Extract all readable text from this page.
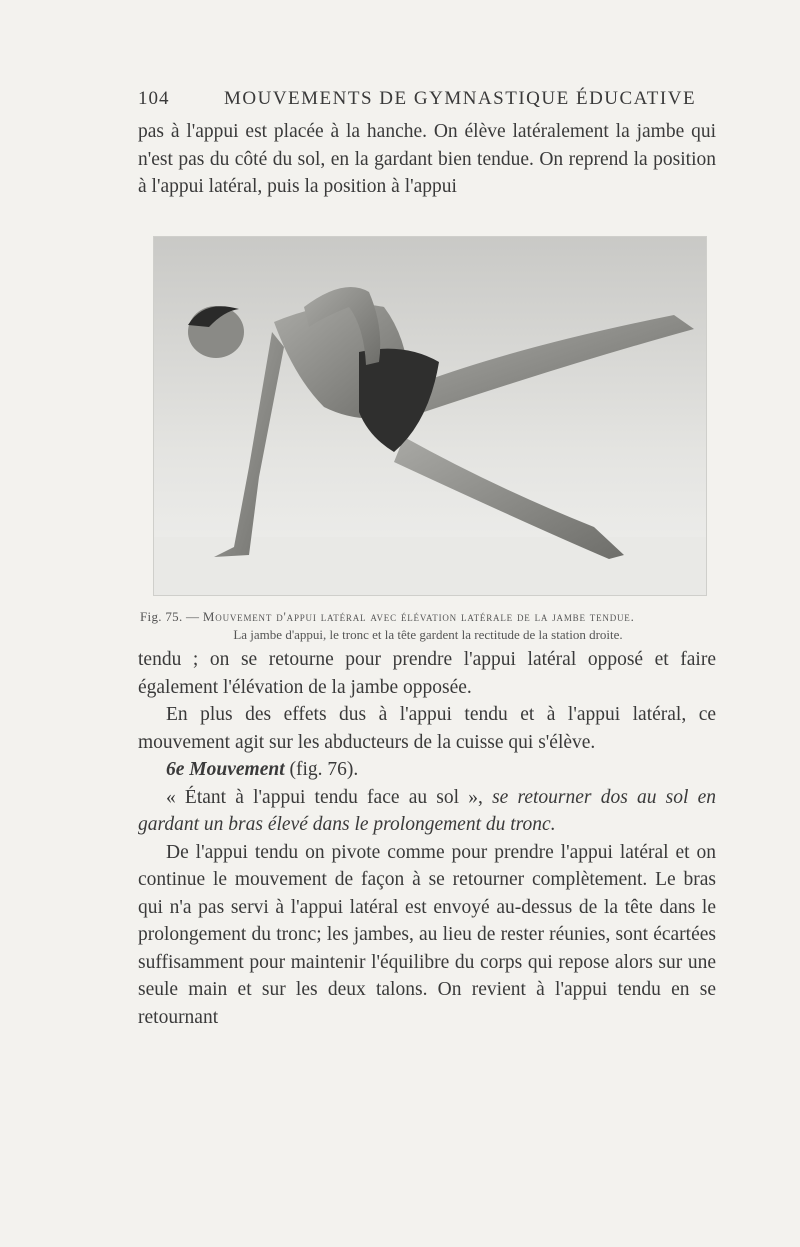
104	MOUVEMENTS DE GYMNASTIQUE ÉDUCATIVE

pas à l'appui est placée à la hanche. On élève latéralement la jambe qui n'est pas du côté du sol, en la gardant bien tendue. On reprend la position à l'appui latéral, puis la position à l'appui

Fig. 75. — Mouvement d'appui latéral avec élévation latérale de la jambe tendue.
La jambe d'appui, le tronc et la tête gardent la rectitude de la station droite.

tendu ; on se retourne pour prendre l'appui latéral opposé et faire également l'élévation de la jambe opposée.

En plus des effets dus à l'appui tendu et à l'appui latéral, ce mouvement agit sur les abducteurs de la cuisse qui s'élève.

6e Mouvement (fig. 76).

« Étant à l'appui tendu face au sol », se retourner dos au sol en gardant un bras élevé dans le prolongement du tronc.

De l'appui tendu on pivote comme pour prendre l'appui latéral et on continue le mouvement de façon à se retourner complètement. Le bras qui n'a pas servi à l'appui latéral est envoyé au-dessus de la tête dans le prolongement du tronc; les jambes, au lieu de rester réunies, sont écartées suffisamment pour maintenir l'équilibre du corps qui repose alors sur une seule main et sur les deux talons. On revient à l'appui tendu en se retournant
